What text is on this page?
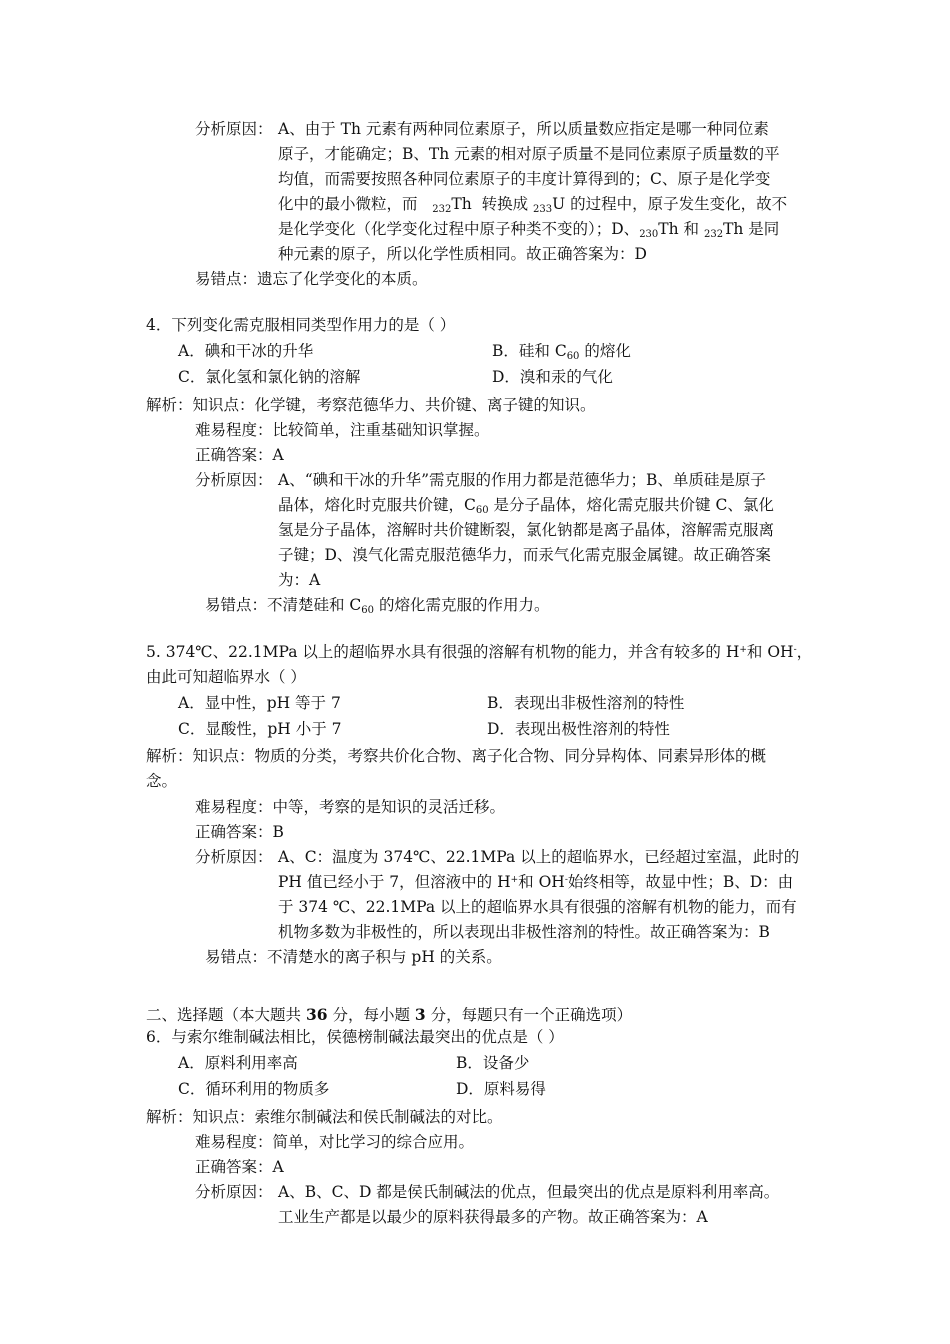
分析原因： A、由于 Th 元素有两种同位素原子，所以质量数应指定是哪一种同位素
原子，才能确定；B、Th 元素的相对原子质量不是同位素原子质量数的平
均值，而需要按照各种同位素原子的丰度计算得到的；C、原子是化学变
化中的最小微粒，而 $_{232}$Th 转换成 $_{233}$U 的过程中，原子发生变化，故不
是化学变化（化学变化过程中原子种类不变的）；D、$_{230}$Th 和 $_{232}$Th 是同
种元素的原子，所以化学性质相同。故正确答案为：D
易错点：遗忘了化学变化的本质。
4．下列变化需克服相同类型作用力的是（ ）
A．碘和干冰的升华	B．硅和 $C_{60}$ 的熔化
C．氯化氢和氯化钠的溶解	D．溴和汞的气化
解析：知识点：化学键，考察范德华力、共价键、离子键的知识。
难易程度：比较简单，注重基础知识掌握。
正确答案：A
分析原因： A、“碘和干冰的升华”需克服的作用力都是范德华力；B、单质硅是原子
晶体，熔化时克服共价键，$C_{60}$ 是分子晶体，熔化需克服共价键 C、氯化
氢是分子晶体，溶解时共价键断裂，氯化钠都是离子晶体，溶解需克服离
子键；D、溴气化需克服范德华力，而汞气化需克服金属键。故正确答案
为：A
易错点：不清楚硅和 $C_{60}$ 的熔化需克服的作用力。
5. 374℃、22.1MPa 以上的超临界水具有很强的溶解有机物的能力，并含有较多的 H+和 OH-，
由此可知超临界水（ ）
A．显中性，pH 等于 7	B．表现出非极性溶剂的特性
C．显酸性，pH 小于 7	D．表现出极性溶剂的特性
解析：知识点：物质的分类，考察共价化合物、离子化合物、同分异构体、同素异形体的概
念。
难易程度：中等，考察的是知识的灵活迁移。
正确答案：B
分析原因： A、C：温度为 374℃、22.1MPa 以上的超临界水，已经超过室温，此时的
PH 值已经小于 7，但溶液中的 H+和 OH-始终相等，故显中性；B、D：由
于 374 ℃、22.1MPa 以上的超临界水具有很强的溶解有机物的能力，而有
机物多数为非极性的，所以表现出非极性溶剂的特性。故正确答案为：B
易错点：不清楚水的离子积与 pH 的关系。
二、选择题（本大题共 36 分，每小题 3 分，每题只有一个正确选项）
6．与索尔维制碱法相比，侯德榜制碱法最突出的优点是（ ）
A．原料利用率高	B．设备少
C．循环利用的物质多	D．原料易得
解析：知识点：索维尔制碱法和侯氏制碱法的对比。
难易程度：简单，对比学习的综合应用。
正确答案：A
分析原因： A、B、C、D 都是侯氏制碱法的优点，但最突出的优点是原料利用率高。
工业生产都是以最少的原料获得最多的产物。故正确答案为：A
